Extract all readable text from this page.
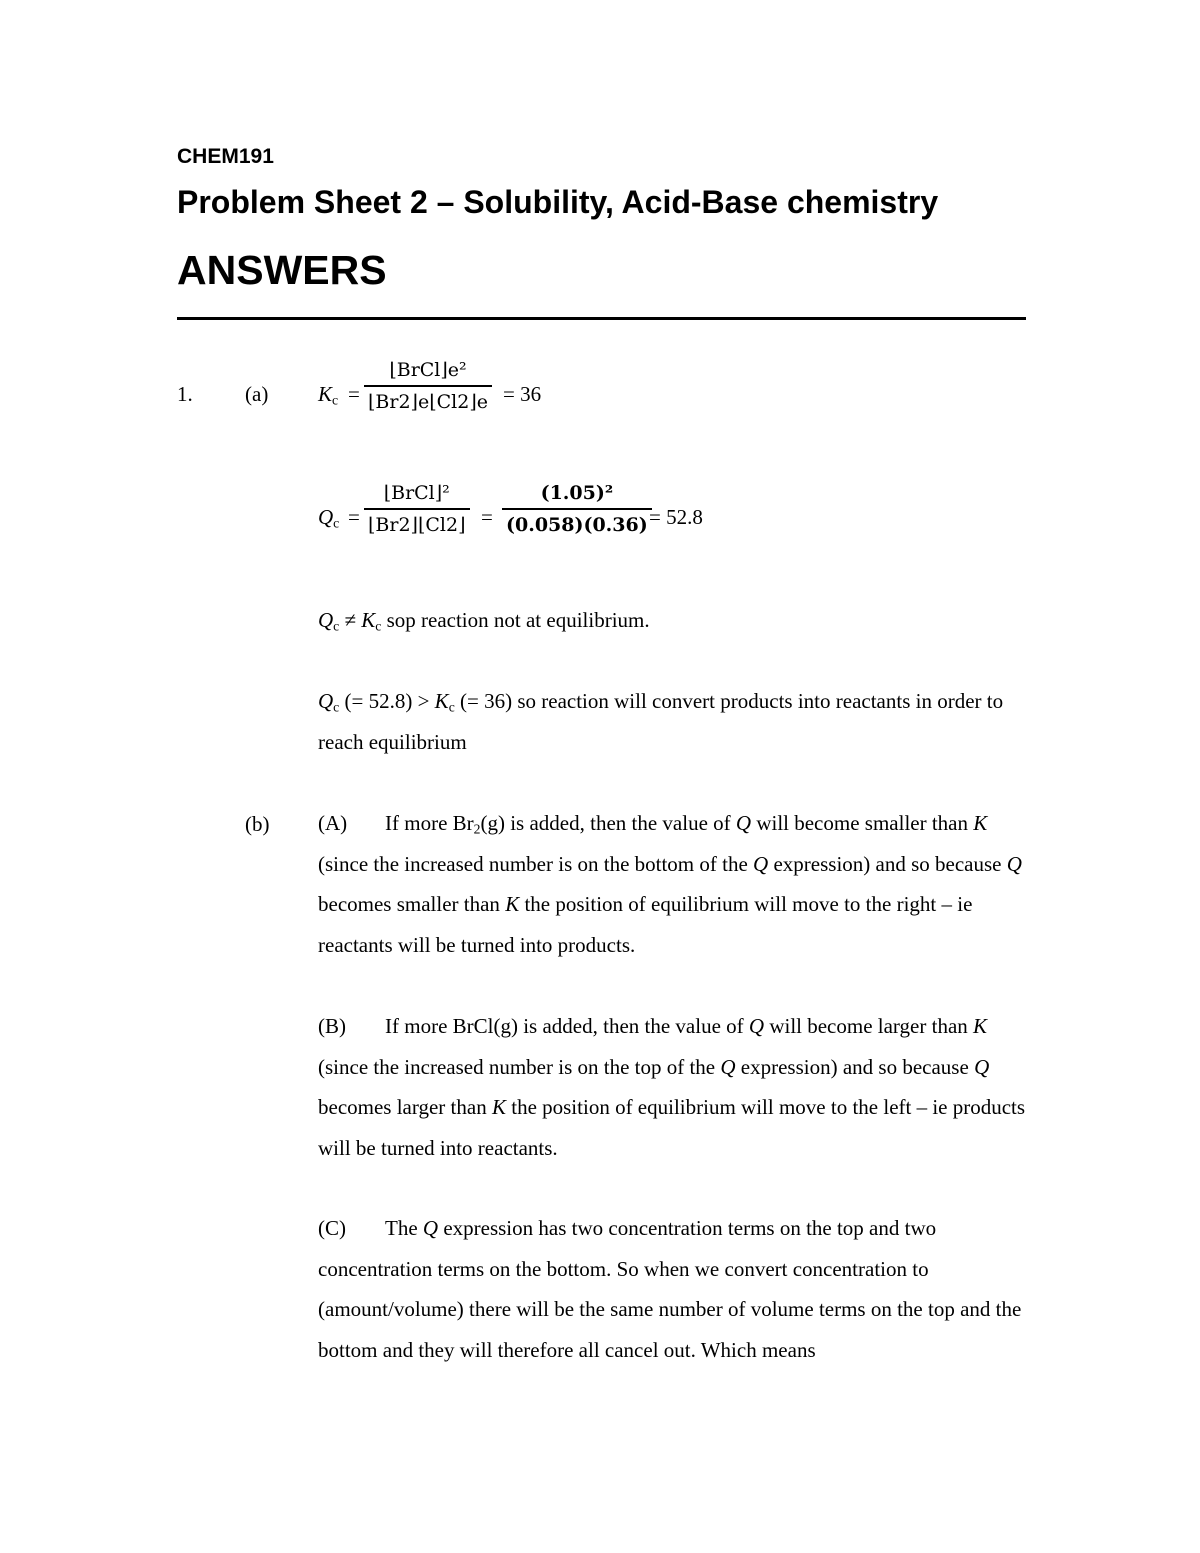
CHEM191
Problem Sheet 2 – Solubility, Acid-Base chemistry
ANSWERS
1. (a) $K_c$ =
⌊BrCl⌋e²
⌊Br2⌋e⌊Cl2⌋e = 36
$Q_c$ =
⌊BrCl⌋²
⌊Br2⌋⌊Cl2⌋ = $\frac{\text{(1.05)²}}{(0.058)(0.36)}$
= 52.8
$Q_c \ne K_c$ sop reaction not at equilibrium.
$Q_c$ (= $52.8) > K_c$ (= 36) so reaction will convert products into reactants in order to reach equilibrium
(b) (A) If more $Br_2(g)$ is added, then the value of Q will become smaller than K (since the increased number is on the bottom of the Q expression) and so because Q becomes smaller than K the position of equilibrium will move to the right – ie reactants will be turned into products.
(B) If more BrCl(g) is added, then the value of Q will become larger than K (since the increased number is on the top of the Q expression) and so because Q becomes larger than K the position of equilibrium will move to the left – ie products will be turned into reactants.
(C) The Q expression has two concentration terms on the top and two concentration terms on the bottom. So when we convert concentration to (amount/volume) there will be the same number of volume terms on the top and the bottom and they will therefore all cancel out. Which means
